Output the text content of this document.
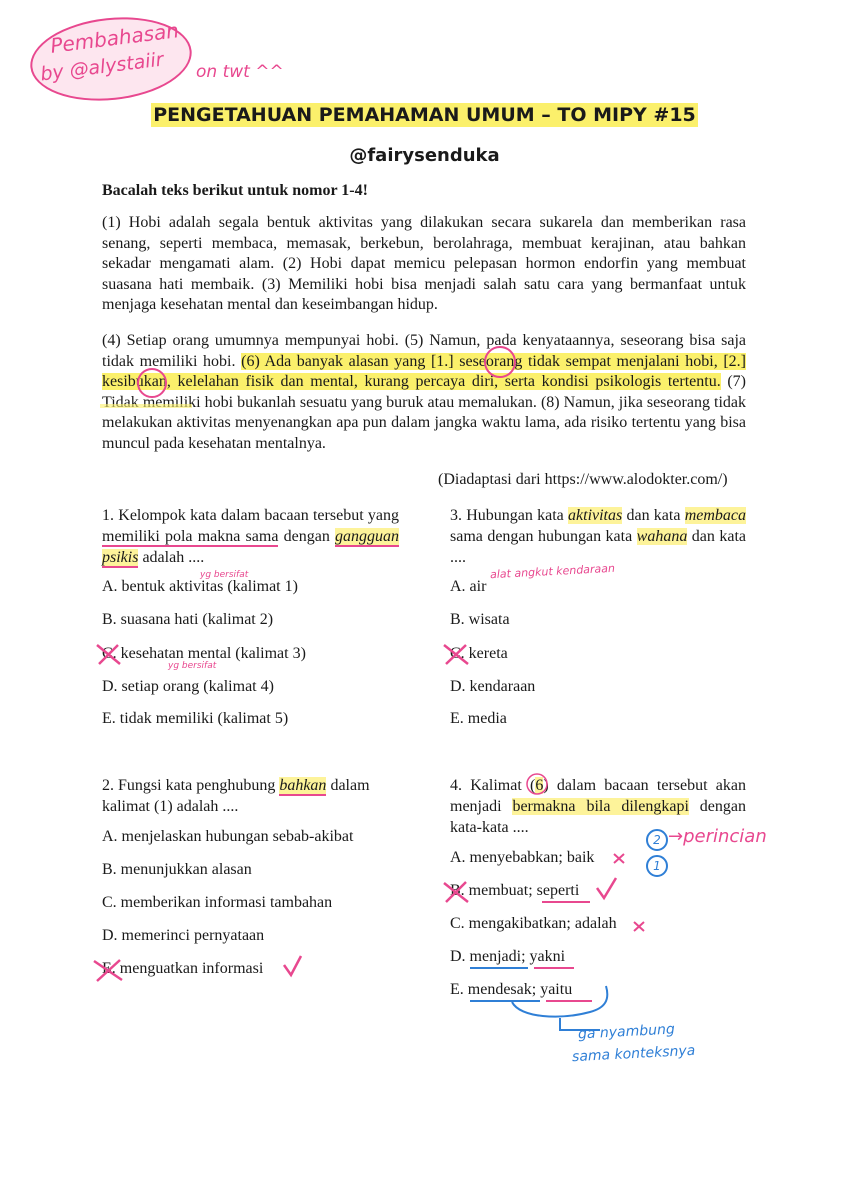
Pembahasan
by @alystaiir on twt ^^
PENGETAHUAN PEMAHAMAN UMUM – TO MIPY #15
@fairysenduka
Bacalah teks berikut untuk nomor 1-4!
(1) Hobi adalah segala bentuk aktivitas yang dilakukan secara sukarela dan memberikan rasa senang, seperti membaca, memasak, berkebun, berolahraga, membuat kerajinan, atau bahkan sekadar mengamati alam. (2) Hobi dapat memicu pelepasan hormon endorfin yang membuat suasana hati membaik. (3) Memiliki hobi bisa menjadi salah satu cara yang bermanfaat untuk menjaga kesehatan mental dan keseimbangan hidup.
(4) Setiap orang umumnya mempunyai hobi. (5) Namun, pada kenyataannya, seseorang bisa saja tidak memiliki hobi. (6) Ada banyak alasan yang [1.] seseorang tidak sempat menjalani hobi, [2.] kesibukan, kelelahan fisik dan mental, kurang percaya diri, serta kondisi psikologis tertentu. (7) Tidak memiliki hobi bukanlah sesuatu yang buruk atau memalukan. (8) Namun, jika seseorang tidak melakukan aktivitas menyenangkan apa pun dalam jangka waktu lama, ada risiko tertentu yang bisa muncul pada kesehatan mentalnya.
(Diadaptasi dari https://www.alodokter.com/)
1. Kelompok kata dalam bacaan tersebut yang memiliki pola makna sama dengan gangguan psikis adalah ....
yg bersifat
A. bentuk aktivitas (kalimat 1)
B. suasana hati (kalimat 2)
C. kesehatan mental (kalimat 3)
yg bersifat
D. setiap orang (kalimat 4)
E. tidak memiliki (kalimat 5)
3. Hubungan kata aktivitas dan kata membaca sama dengan hubungan kata wahana dan kata ....
alat angkut kendaraan
A. air
B. wisata
C. kereta
D. kendaraan
E. media
2. Fungsi kata penghubung bahkan dalam kalimat (1) adalah ....
A. menjelaskan hubungan sebab-akibat
B. menunjukkan alasan
C. memberikan informasi tambahan
D. memerinci pernyataan
E. menguatkan informasi
4. Kalimat (6) dalam bacaan tersebut akan menjadi bermakna bila dilengkapi dengan kata-kata ....
2 →perincian
1
A. menyebabkan; baik
B. membuat; seperti
C. mengakibatkan; adalah
D. menjadi; yakni
E. mendesak; yaitu
ga nyambung
sama konteksnya
